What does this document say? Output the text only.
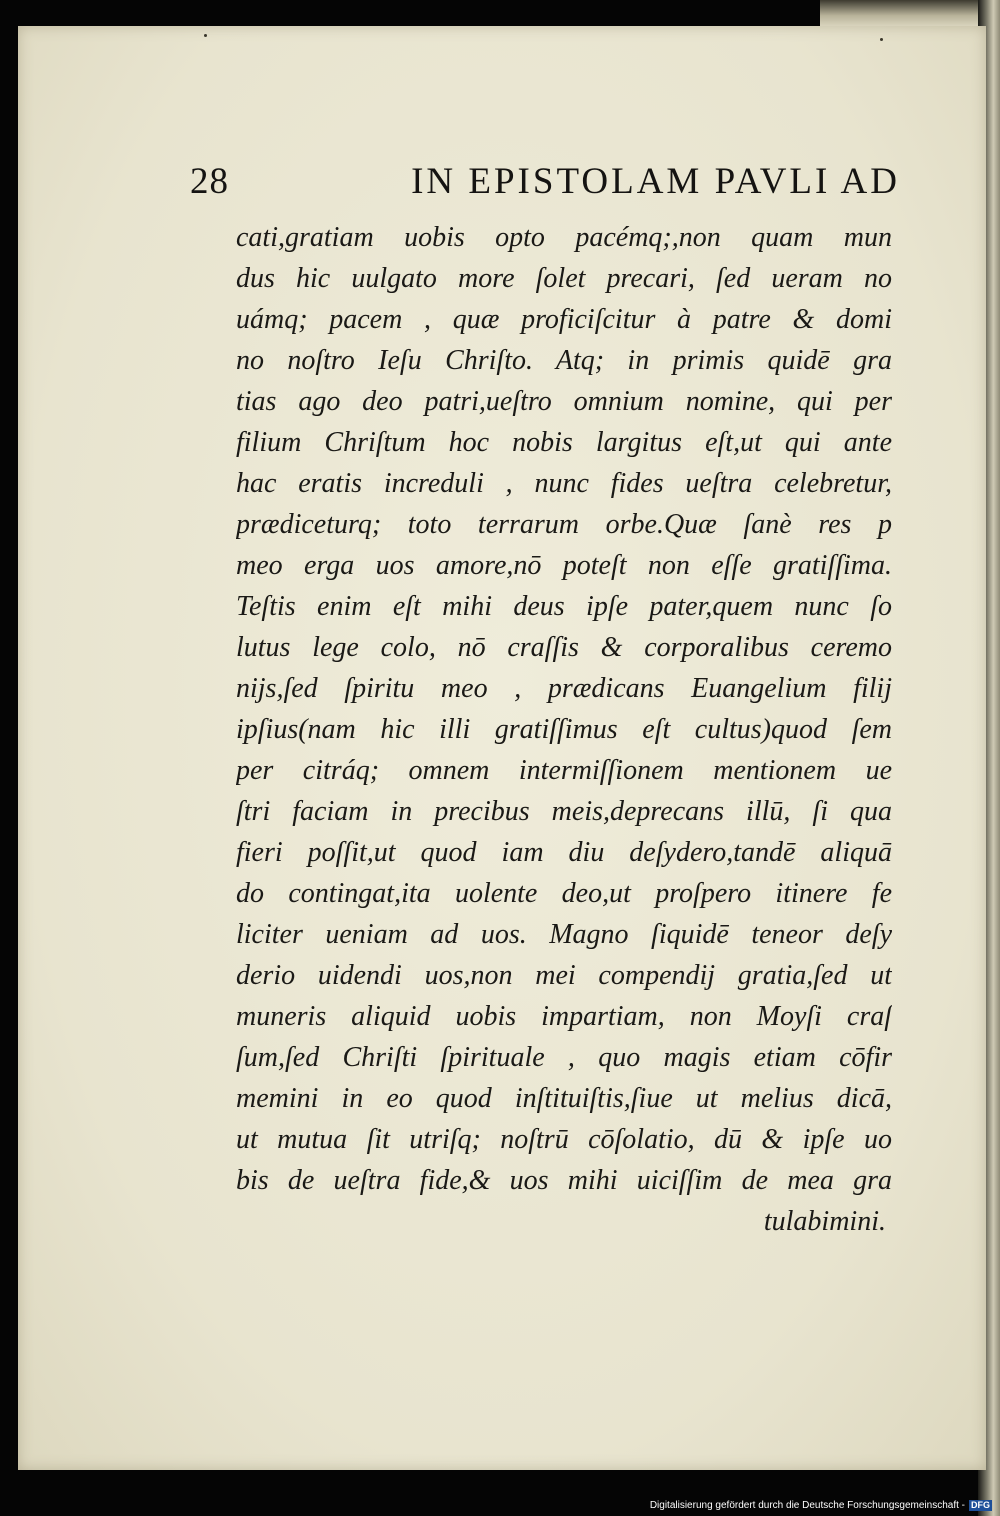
28	IN EPISTOLAM PAVLI AD
cati,gratiam uobis opto pacémq;,non quam mun
dus hic uulgato more ſolet precari, ſed ueram no
uámq; pacem , quæ proficiſcitur à patre & domi
no noſtro Ieſu Chriſto. Atq; in primis quidē gra
tias ago deo patri,ueſtro omnium nomine, qui per
filium Chriſtum hoc nobis largitus eſt,ut qui ante
hac eratis increduli , nunc fides ueſtra celebretur,
prædiceturq; toto terrarum orbe.Quæ ſanè res p
meo erga uos amore,nō poteſt non eſſe gratiſſima.
Teſtis enim eſt mihi deus ipſe pater,quem nunc ſo
lutus lege colo, nō craſſis & corporalibus ceremo
nijs,ſed ſpiritu meo , prædicans Euangelium filij
ipſius(nam hic illi gratiſſimus eſt cultus)quod ſem
per citráq; omnem intermiſſionem mentionem ue
ſtri faciam in precibus meis,deprecans illū, ſi qua
fieri poſſit,ut quod iam diu deſydero,tandē aliquā
do contingat,ita uolente deo,ut proſpero itinere fe
liciter ueniam ad uos. Magno ſiquidē teneor deſy
derio uidendi uos,non mei compendij gratia,ſed ut
muneris aliquid uobis impartiam, non Moyſi craſ
ſum,ſed Chriſti ſpirituale , quo magis etiam cōfir
memini in eo quod inſtituiſtis,ſiue ut melius dicā,
ut mutua ſit utriſq; noſtrū cōſolatio, dū & ipſe uo
bis de ueſtra fide,& uos mihi uiciſſim de mea gra
tulabimini.
Digitalisierung gefördert durch die Deutsche Forschungsgemeinschaft - DFG
